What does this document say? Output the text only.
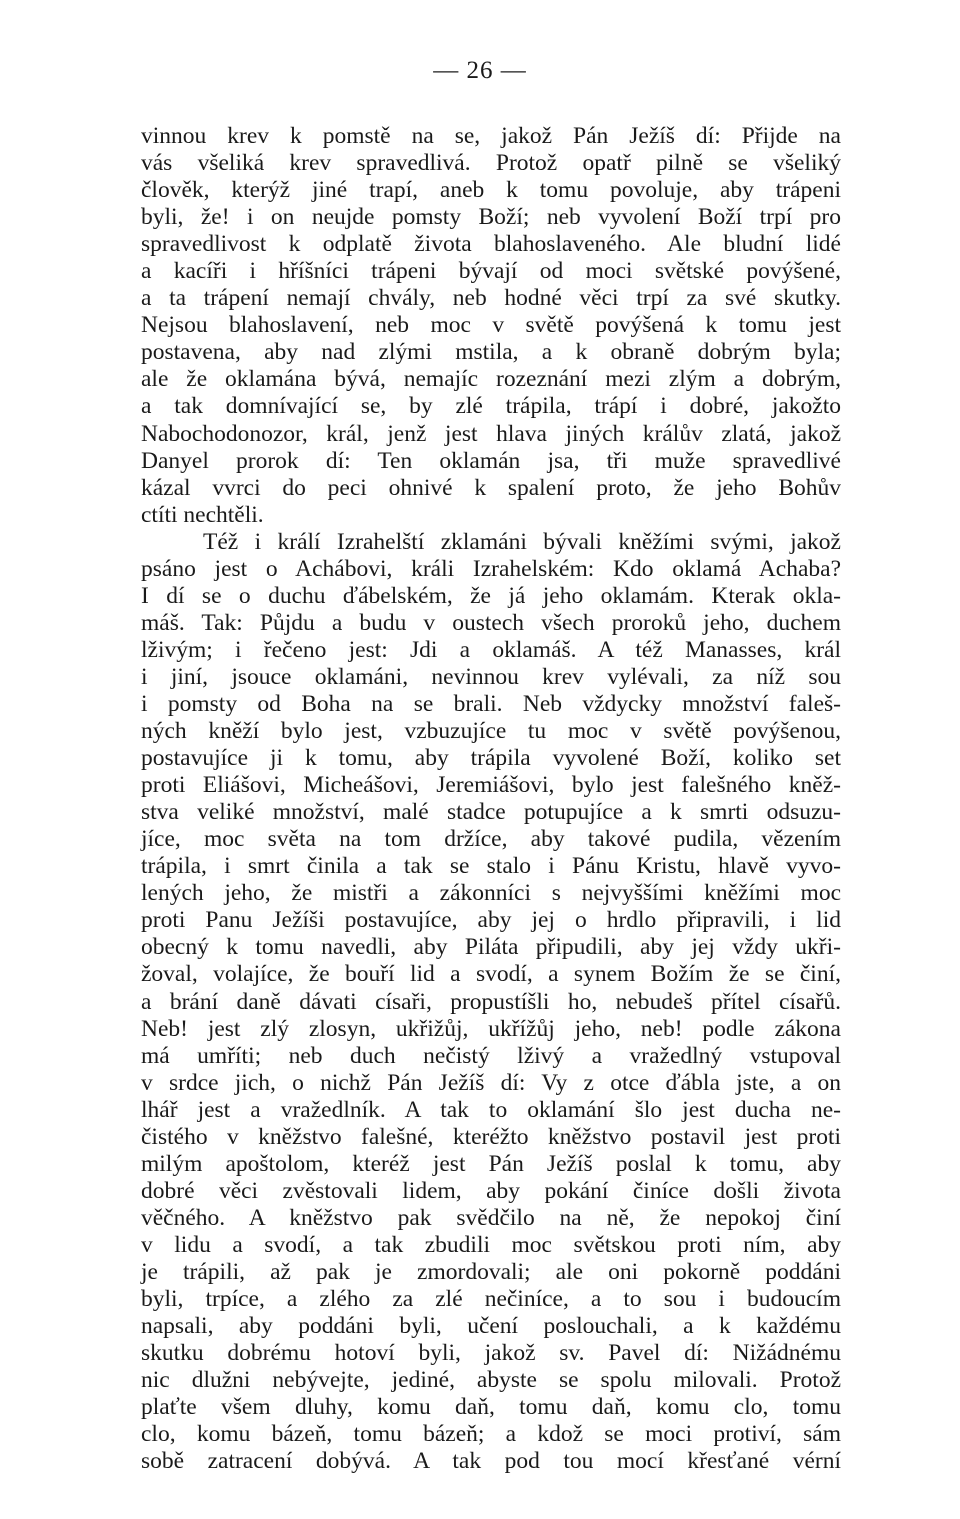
— 26 —
vinnou krev k pomstě na se, jakož Pán Ježíš dí: Přijde na
vás všeliká krev spravedlivá. Protož opatř pilně se všeliký
člověk, kterýž jiné trapí, aneb k tomu povoluje, aby trápeni
byli, že! i on neujde pomsty Boží; neb vyvolení Boží trpí pro
spravedlivost k odplatě života blahoslaveného. Ale bludní lidé
a kacíři i hříšníci trápeni bývají od moci světské povýšené,
a ta trápení nemají chvály, neb hodné věci trpí za své skutky.
Nejsou blahoslavení, neb moc v světě povýšená k tomu jest
postavena, aby nad zlými mstila, a k obraně dobrým byla;
ale že oklamána bývá, nemajíc rozeznání mezi zlým a dobrým,
a tak domnívající se, by zlé trápila, trápí i dobré, jakožto
Nabochodonozor, král, jenž jest hlava jiných králův zlatá, jakož
Danyel prorok dí: Ten oklamán jsa, tři muže spravedlivé
kázal vvrci do peci ohnivé k spalení proto, že jeho Bohův
ctíti nechtěli.
Též i králí Izrahelští zklamáni bývali kněžími svými, jakož
psáno jest o Achábovi, králi Izrahelském: Kdo oklamá Achaba?
I dí se o duchu ďábelském, že já jeho oklamám. Kterak okla-
máš. Tak: Půjdu a budu v oustech všech proroků jeho, duchem
lživým; i řečeno jest: Jdi a oklamáš. A též Manasses, král
i jiní, jsouce oklamáni, nevinnou krev vylévali, za níž sou
i pomsty od Boha na se brali. Neb vždycky množství faleš-
ných kněží bylo jest, vzbuzujíce tu moc v světě povýšenou,
postavujíce ji k tomu, aby trápila vyvolené Boží, koliko set
proti Eliášovi, Micheášovi, Jeremiášovi, bylo jest falešného kněž-
stva veliké množství, malé stadce potupujíce a k smrti odsuzu-
jíce, moc světa na tom držíce, aby takové pudila, vězením
trápila, i smrt činila a tak se stalo i Pánu Kristu, hlavě vyvo-
lených jeho, že mistři a zákonníci s nejvyššími kněžími moc
proti Panu Ježíši postavujíce, aby jej o hrdlo připravili, i lid
obecný k tomu navedli, aby Piláta připudili, aby jej vždy ukři-
žoval, volajíce, že bouří lid a svodí, a synem Božím že se činí,
a brání daně dávati císaři, propustíšli ho, nebudeš přítel císařů.
Neb! jest zlý zlosyn, ukřižůj, ukřížůj jeho, neb! podle zákona
má umříti; neb duch nečistý lživý a vražedlný vstupoval
v srdce jich, o nichž Pán Ježíš dí: Vy z otce ďábla jste, a on
lhář jest a vražedlník. A tak to oklamání šlo jest ducha ne-
čistého v kněžstvo falešné, kteréžto kněžstvo postavil jest proti
milým apoštolom, kteréž jest Pán Ježíš poslal k tomu, aby
dobré věci zvěstovali lidem, aby pokání činíce došli života
věčného. A kněžstvo pak svědčilo na ně, že nepokoj činí
v lidu a svodí, a tak zbudili moc světskou proti ním, aby
je trápili, až pak je zmordovali; ale oni pokorně poddáni
byli, trpíce, a zlého za zlé nečiníce, a to sou i budoucím
napsali, aby poddáni byli, učení poslouchali, a k každému
skutku dobrému hotoví byli, jakož sv. Pavel dí: Nižádnému
nic dlužni nebývejte, jediné, abyste se spolu milovali. Protož
plaťte všem dluhy, komu daň, tomu daň, komu clo, tomu
clo, komu bázeň, tomu bázeň; a kdož se moci protiví, sám
sobě zatracení dobývá. A tak pod tou mocí křesťané vérní
